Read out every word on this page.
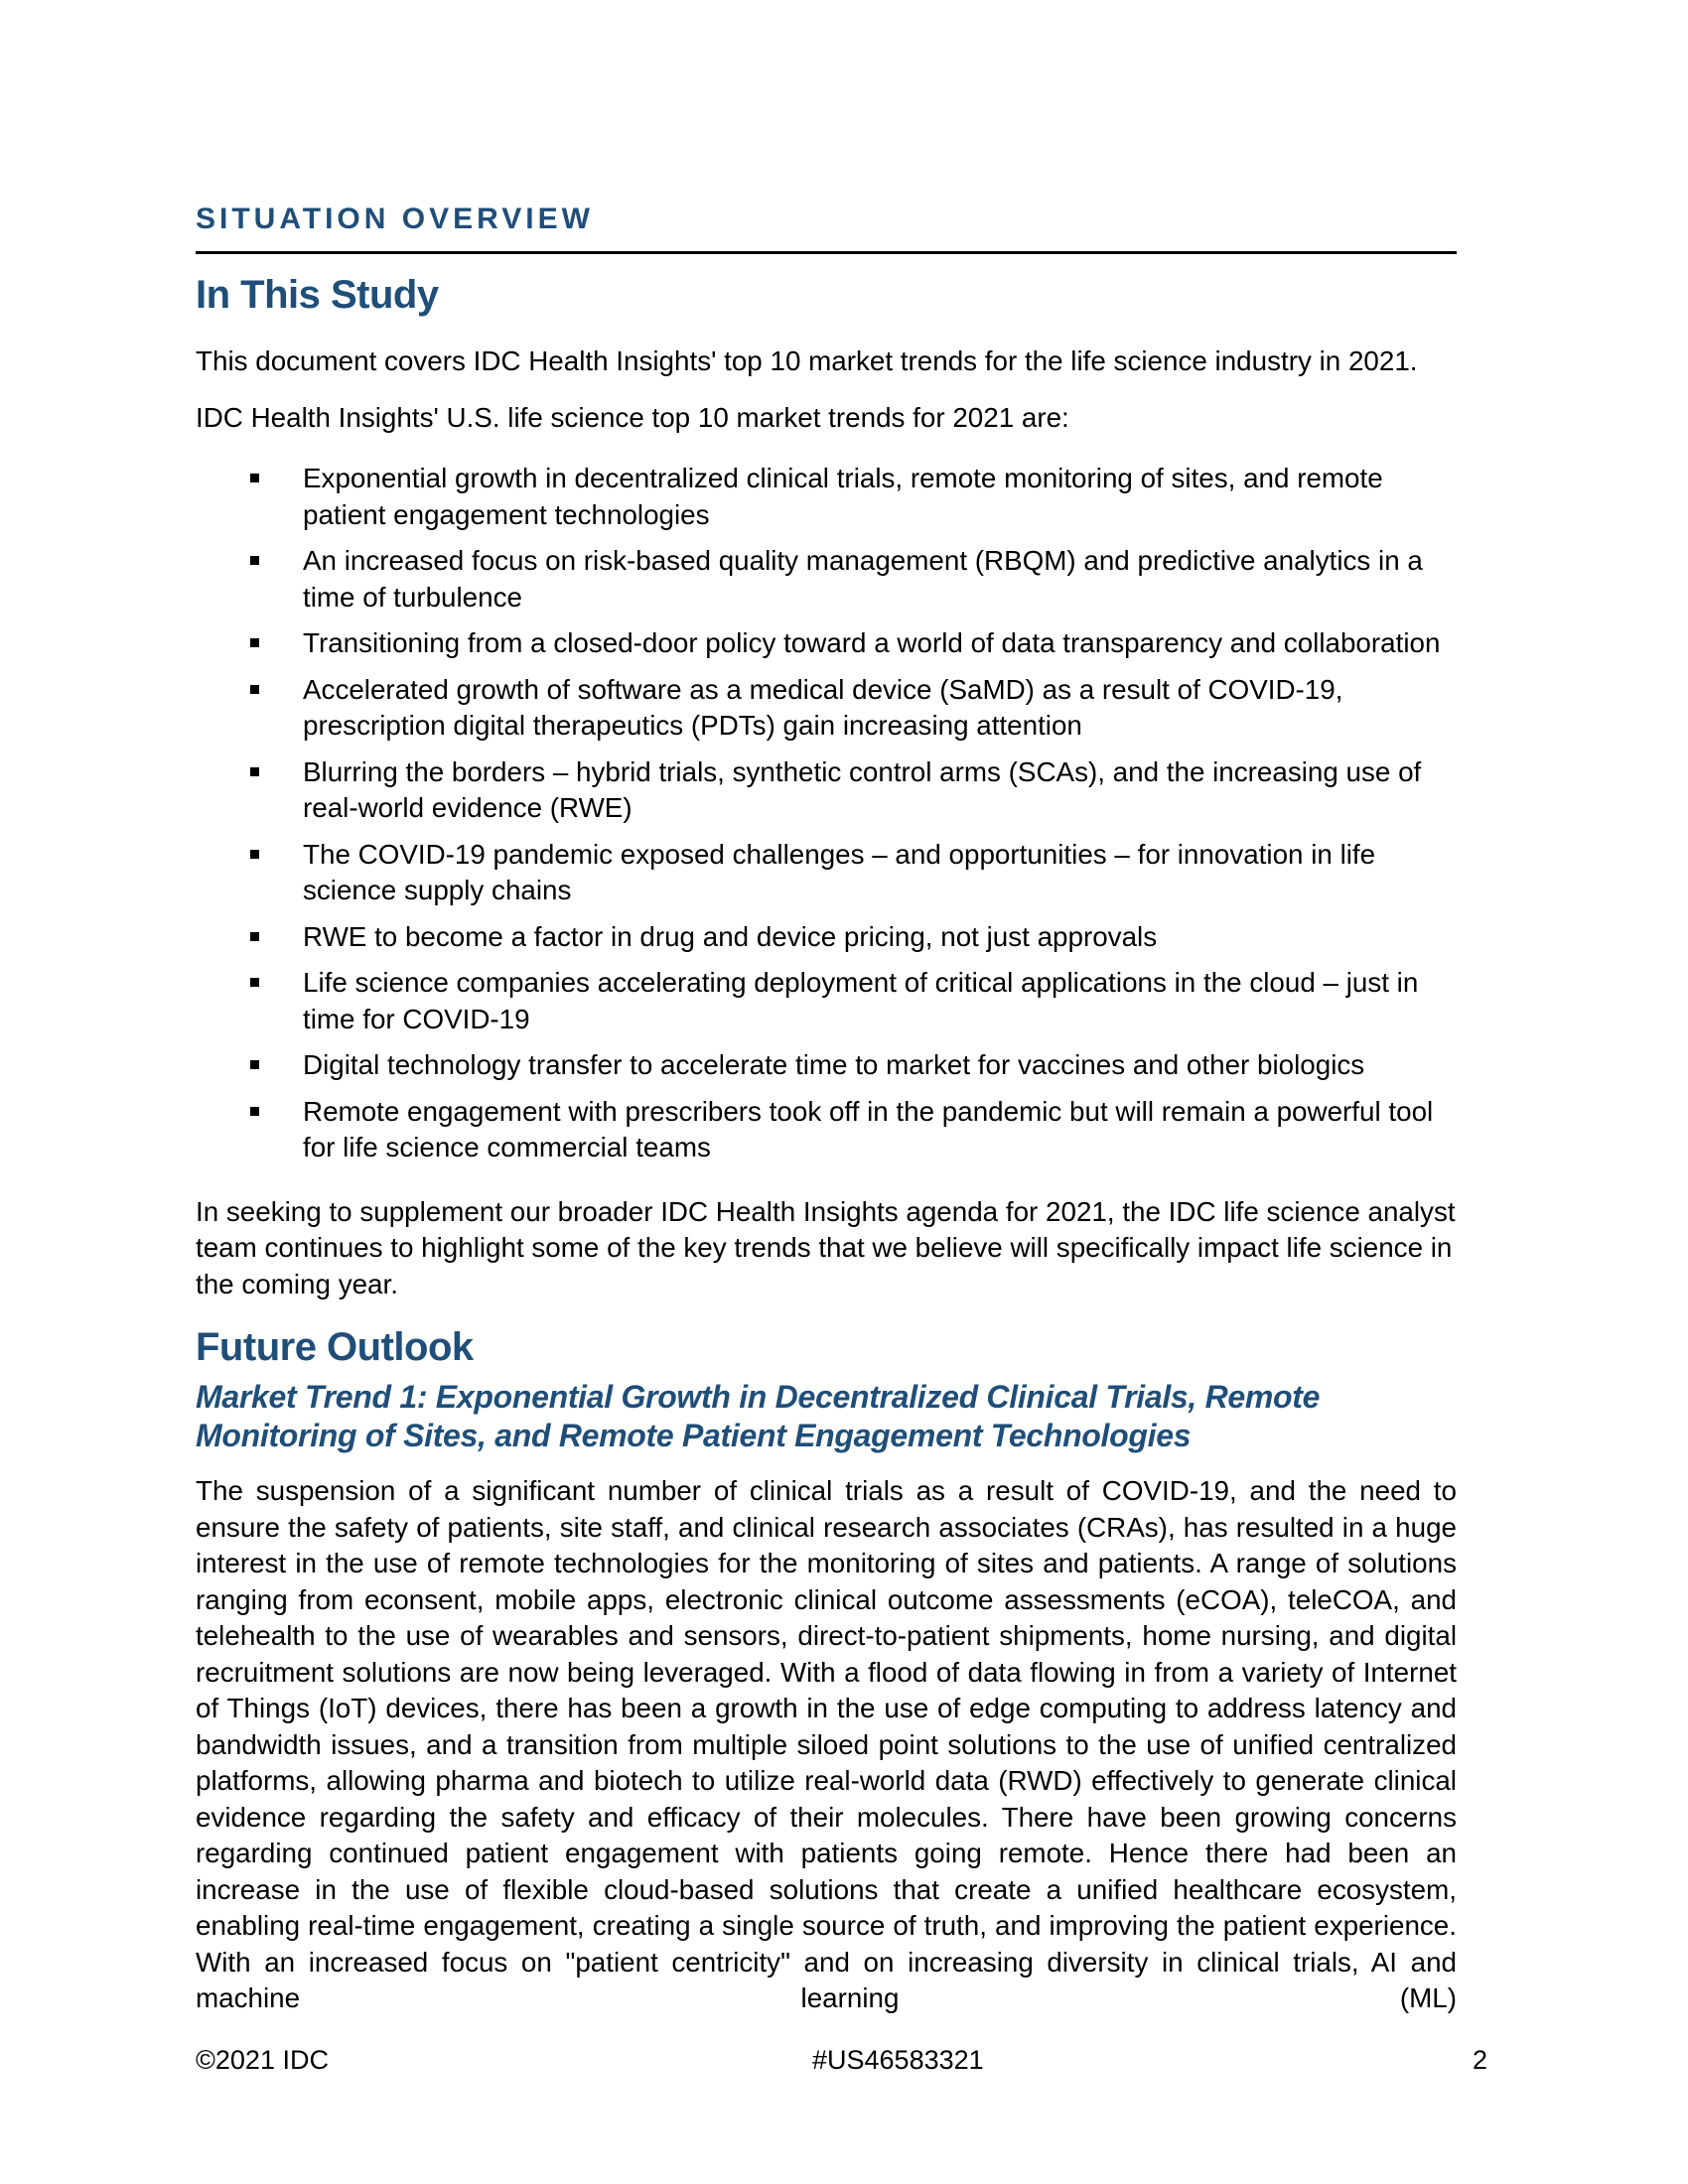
SITUATION OVERVIEW
In This Study

This document covers IDC Health Insights' top 10 market trends for the life science industry in 2021.

IDC Health Insights' U.S. life science top 10 market trends for 2021 are:

Exponential growth in decentralized clinical trials, remote monitoring of sites, and remote patient engagement technologies
An increased focus on risk-based quality management (RBQM) and predictive analytics in a time of turbulence
Transitioning from a closed-door policy toward a world of data transparency and collaboration
Accelerated growth of software as a medical device (SaMD) as a result of COVID-19, prescription digital therapeutics (PDTs) gain increasing attention
Blurring the borders – hybrid trials, synthetic control arms (SCAs), and the increasing use of real-world evidence (RWE)
The COVID-19 pandemic exposed challenges – and opportunities – for innovation in life science supply chains
RWE to become a factor in drug and device pricing, not just approvals
Life science companies accelerating deployment of critical applications in the cloud – just in time for COVID-19
Digital technology transfer to accelerate time to market for vaccines and other biologics
Remote engagement with prescribers took off in the pandemic but will remain a powerful tool for life science commercial teams

In seeking to supplement our broader IDC Health Insights agenda for 2021, the IDC life science analyst team continues to highlight some of the key trends that we believe will specifically impact life science in the coming year.

Future Outlook
Market Trend 1: Exponential Growth in Decentralized Clinical Trials, Remote Monitoring of Sites, and Remote Patient Engagement Technologies

The suspension of a significant number of clinical trials as a result of COVID-19, and the need to ensure the safety of patients, site staff, and clinical research associates (CRAs), has resulted in a huge interest in the use of remote technologies for the monitoring of sites and patients. A range of solutions ranging from econsent, mobile apps, electronic clinical outcome assessments (eCOA), teleCOA, and telehealth to the use of wearables and sensors, direct-to-patient shipments, home nursing, and digital recruitment solutions are now being leveraged. With a flood of data flowing in from a variety of Internet of Things (IoT) devices, there has been a growth in the use of edge computing to address latency and bandwidth issues, and a transition from multiple siloed point solutions to the use of unified centralized platforms, allowing pharma and biotech to utilize real-world data (RWD) effectively to generate clinical evidence regarding the safety and efficacy of their molecules. There have been growing concerns regarding continued patient engagement with patients going remote. Hence there had been an increase in the use of flexible cloud-based solutions that create a unified healthcare ecosystem, enabling real-time engagement, creating a single source of truth, and improving the patient experience. With an increased focus on "patient centricity" and on increasing diversity in clinical trials, AI and machine learning (ML)

©2021 IDC	#US46583321	2
